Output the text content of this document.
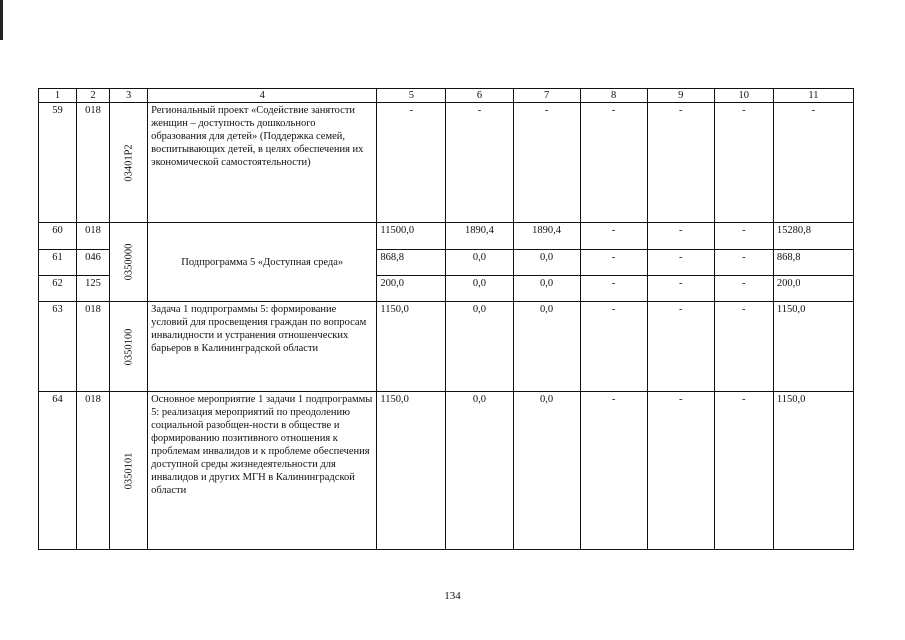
1	2	3	4	5	6	7	8	9	10	11
59	018	03401P2	Региональный проект «Содействие занятости женщин – доступность дошкольного образования для детей» (Поддержка семей, воспитывающих детей, в целях обеспечения их экономической самостоятельности)	-	-	-	-	-	-	-
60	018	0350000	Подпрограмма 5 «Доступная среда»	11500,0	1890,4	1890,4	-	-	-	15280,8
61	046			868,8	0,0	0,0	-	-	-	868,8
62	125			200,0	0,0	0,0	-	-	-	200,0
63	018	0350100	Задача 1 подпрограммы 5: формирование условий для просвещения граждан по вопросам инвалидности и устранения отношенческих барьеров в Калининградской области	1150,0	0,0	0,0	-	-	-	1150,0
64	018	0350101	Основное мероприятие 1 задачи 1 подпрограммы 5: реализация мероприятий по преодолению социальной разобщен-ности в обществе и формированию позитивного отношения к проблемам инвалидов и к проблеме обеспечения доступной среды жизнедеятельности для инвалидов и других МГН в Калининградской области	1150,0	0,0	0,0	-	-	-	1150,0
134
